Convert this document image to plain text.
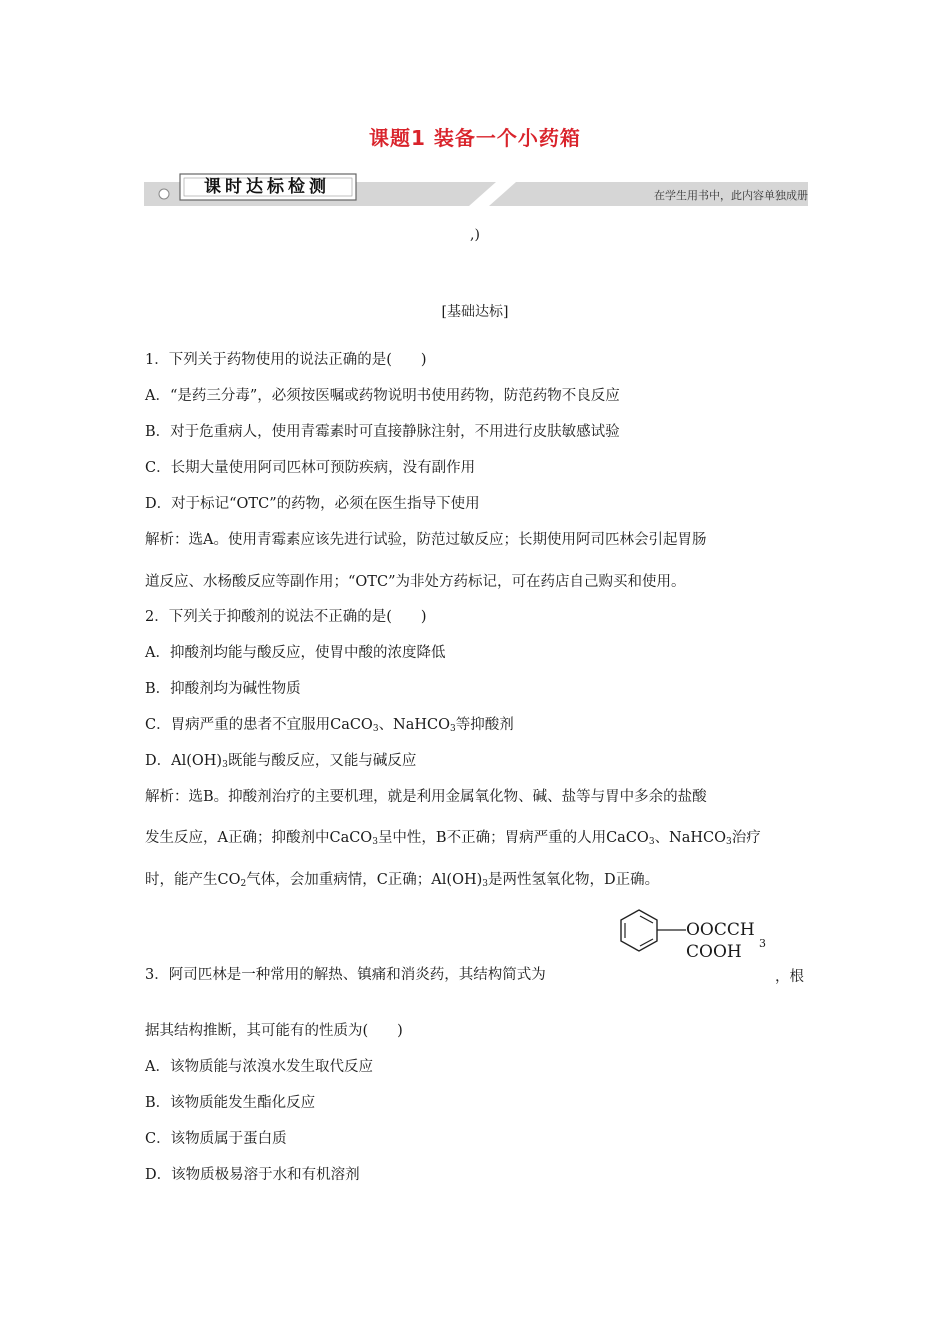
课题1 装备一个小药箱
课时达标检测	在学生用书中，此内容单独成册
,)
[基础达标]
1．下列关于药物使用的说法正确的是(　　)
A．“是药三分毒”，必须按医嘱或药物说明书使用药物，防范药物不良反应
B．对于危重病人，使用青霉素时可直接静脉注射，不用进行皮肤敏感试验
C．长期大量使用阿司匹林可预防疾病，没有副作用
D．对于标记“OTC”的药物，必须在医生指导下使用
解析：选A。使用青霉素应该先进行试验，防范过敏反应；长期使用阿司匹林会引起胃肠
道反应、水杨酸反应等副作用；“OTC”为非处方药标记，可在药店自己购买和使用。
2．下列关于抑酸剂的说法不正确的是(　　)
A．抑酸剂均能与酸反应，使胃中酸的浓度降低
B．抑酸剂均为碱性物质
C．胃病严重的患者不宜服用CaCO$_3$、NaHCO$_3$等抑酸剂
D．$Al(OH)_3$既能与酸反应，又能与碱反应
解析：选B。抑酸剂治疗的主要机理，就是利用金属氧化物、碱、盐等与胃中多余的盐酸
发生反应，A正确；抑酸剂中CaCO$_3$呈中性，B不正确；胃病严重的人用CaCO$_3$、NaHCO$_3$治疗
时，能产生$CO_2$气体，会加重病情，C正确；$Al(OH)_3$是两性氢氧化物，D正确。
3．阿司匹林是一种常用的解热、镇痛和消炎药，其结构简式为
OOCCH
3
COOH
，根
据其结构推断，其可能有的性质为(　　)
A．该物质能与浓溴水发生取代反应
B．该物质能发生酯化反应
C．该物质属于蛋白质
D．该物质极易溶于水和有机溶剂
